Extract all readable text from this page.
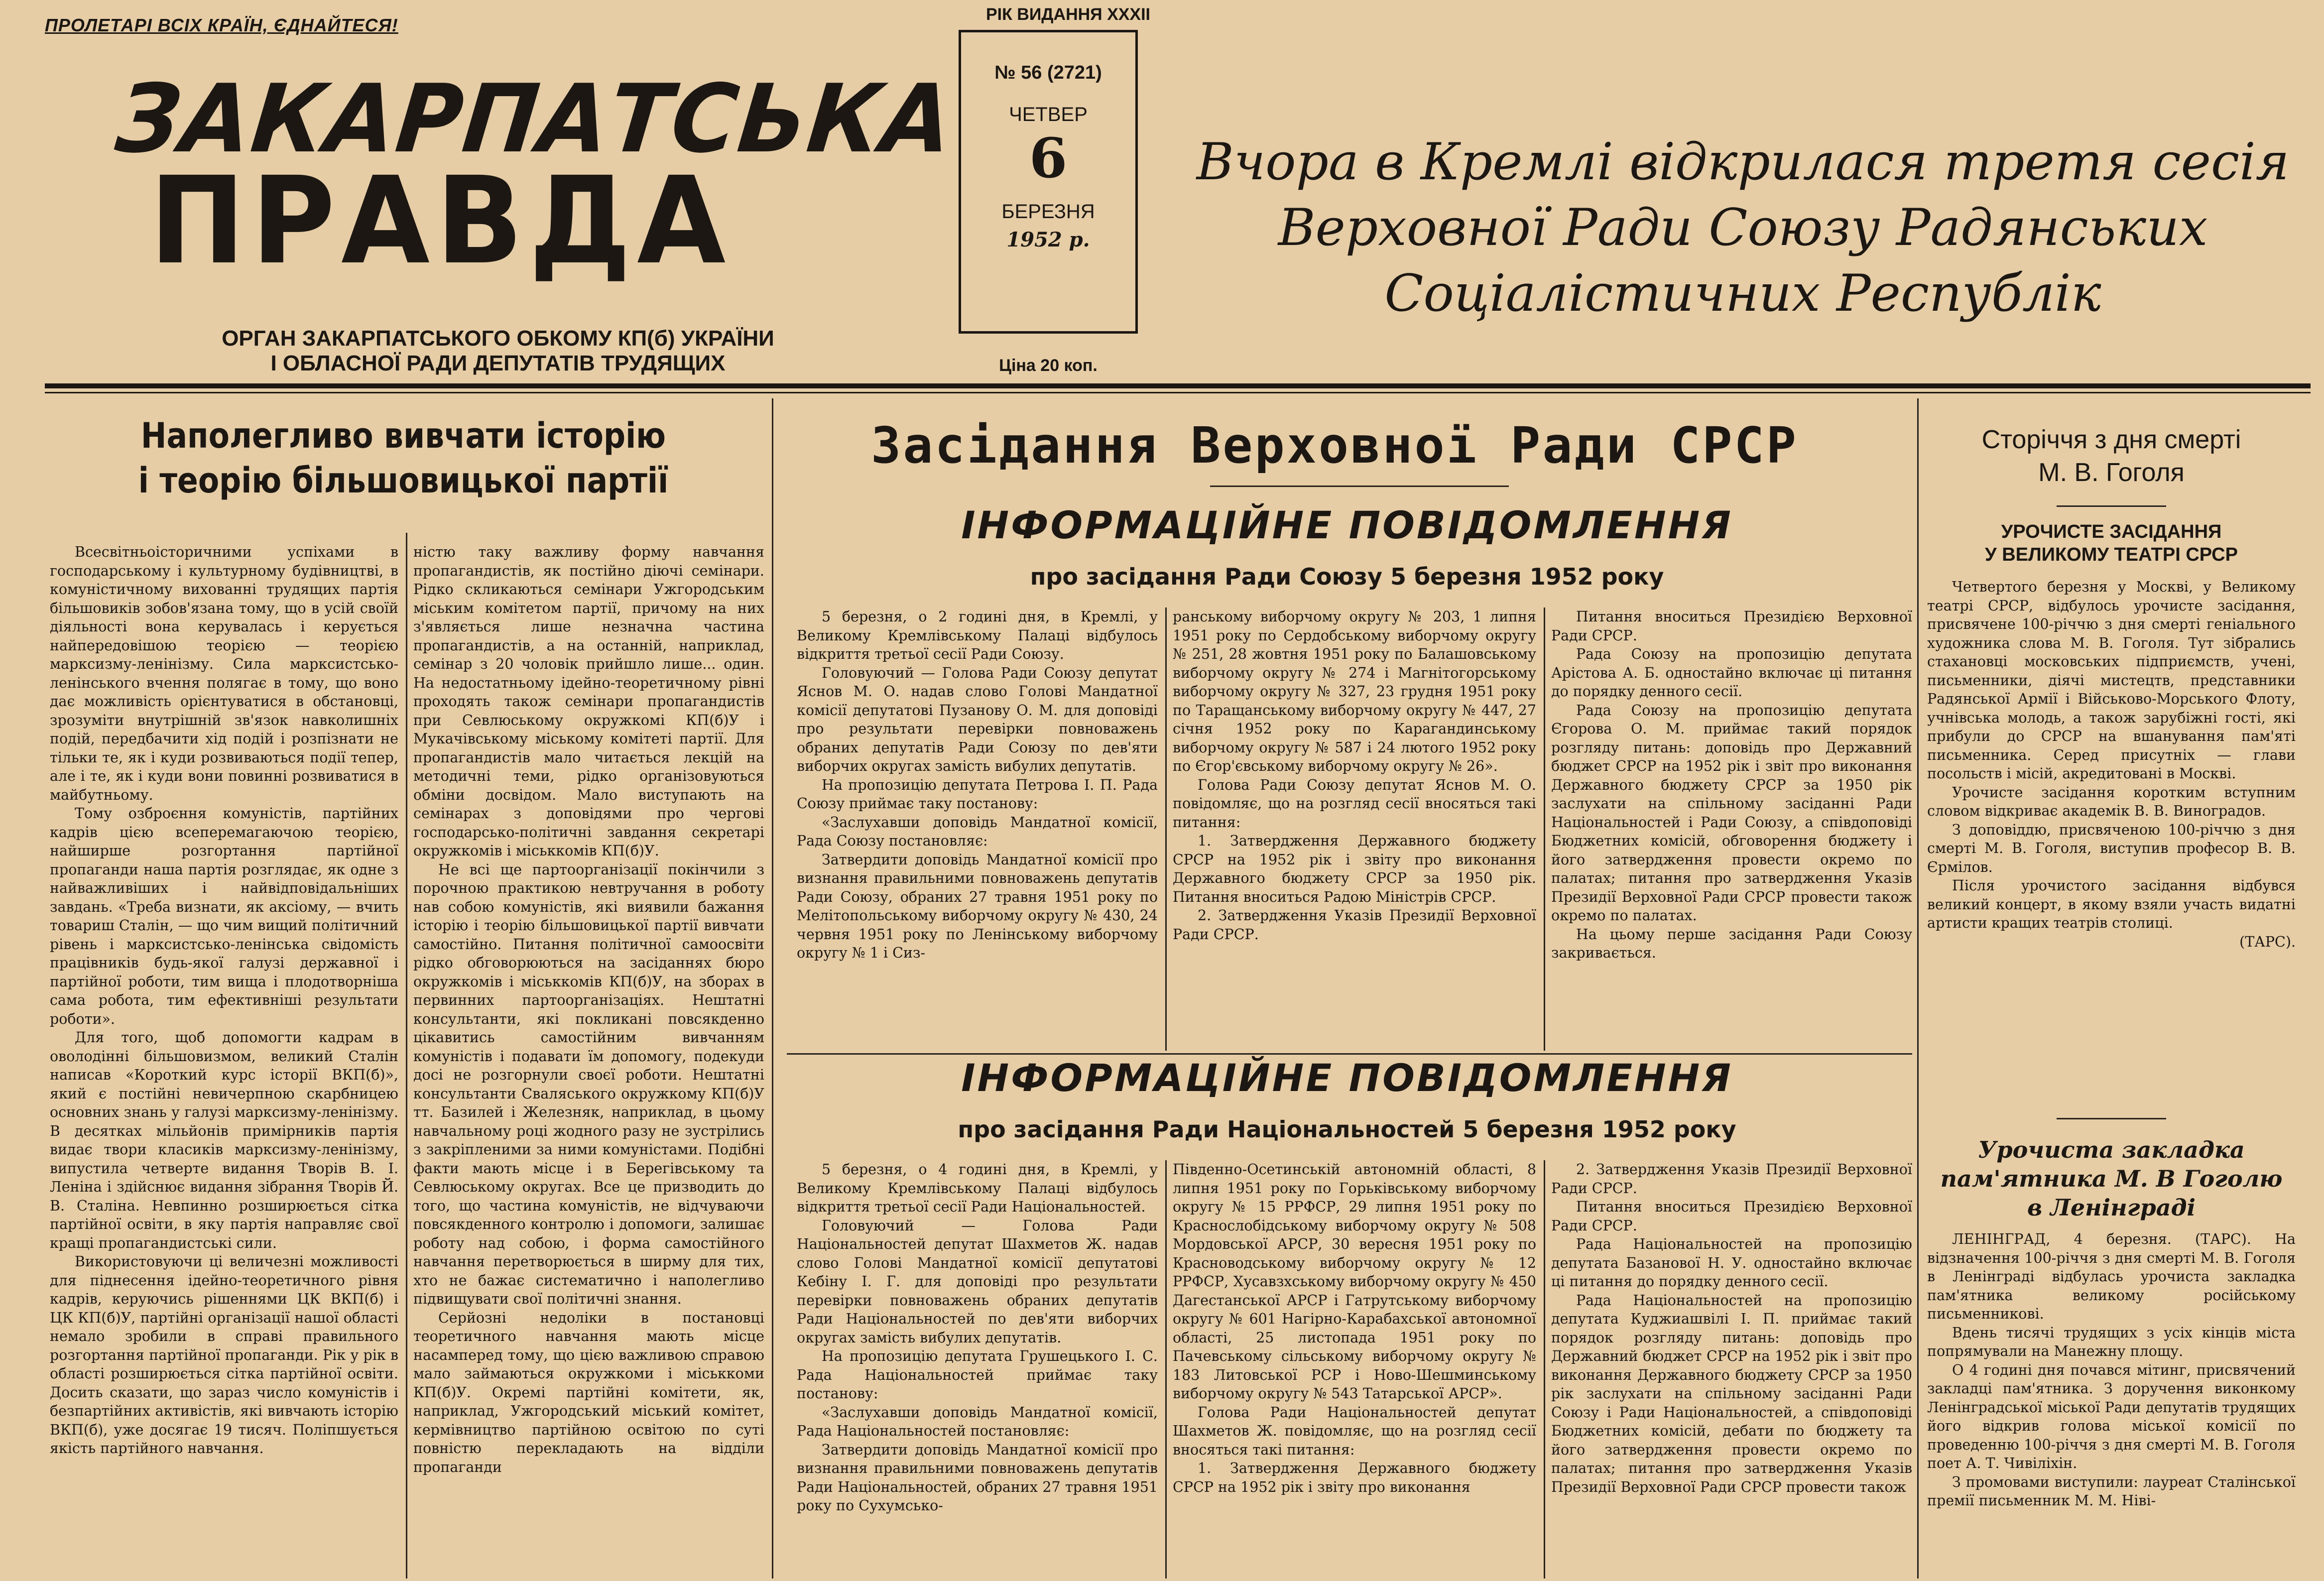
ПРОЛЕТАРІ ВСІХ КРАЇН, ЄДНАЙТЕСЯ!
ЗАКАРПАТСЬКА
ПРАВДА
ОРГАН ЗАКАРПАТСЬКОГО ОБКОМУ КП(б) УКРАЇНИ
І ОБЛАСНОЇ РАДИ ДЕПУТАТІВ ТРУДЯЩИХ
РІК ВИДАННЯ XXXII
№ 56 (2721)
ЧЕТВЕР
6
БЕРЕЗНЯ
1952 р.
Ціна 20 коп.
Вчора в Кремлі відкрилася третя сесія
Верховної Ради Союзу Радянських
Соціалістичних Республік
Наполегливо вивчати історію
і теорію більшовицької партії

Всесвітньоісторичними успіхами в господарському і культурному будівництві, в комуністичному вихованні трудящих партія більшовиків зобов'язана тому, що в усій своїй діяльності вона керувалась і керується найпередовішою теорією — теорією марксизму-ленінізму. Сила марксистсько-ленінського вчення полягає в тому, що воно дає можливість орієнтуватися в обстановці, зрозуміти внутрішній зв'язок навколишніх подій, передбачити хід подій і розпізнати не тільки те, як і куди розвиваються події тепер, але і те, як і куди вони повинні розвиватися в майбутньому.

Тому озброєння комуністів, партійних кадрів цією всеперемагаючою теорією, найширше розгортання партійної пропаганди наша партія розглядає, як одне з найважливіших і найвідповідальніших завдань. «Треба визнати, як аксіому, — вчить товариш Сталін, — що чим вищий політичний рівень і марксистсько-ленінська свідомість працівників будь-якої галузі державної і партійної роботи, тим вища і плодотворніша сама робота, тим ефективніші результати роботи».

Для того, щоб допомогти кадрам в оволодінні більшовизмом, великий Сталін написав «Короткий курс історії ВКП(б)», який є постійні невичерпною скарбницею основних знань у галузі марксизму-ленінізму. В десятках мільйонів примірників партія видає твори класиків марксизму-ленінізму, випустила четверте видання Творів В. І. Леніна і здійснює видання зібрання Творів Й. В. Сталіна. Невпинно розширюється сітка партійної освіти, в яку партія направляє свої кращі пропагандистські сили.

Використовуючи ці величезні можливості для піднесення ідейно-теоретичного рівня кадрів, керуючись рішеннями ЦК ВКП(б) і ЦК КП(б)У, партійні організації нашої області немало зробили в справі правильного розгортання партійної пропаганди. Рік у рік в області розширюється сітка партійної освіти. Досить сказати, що зараз число комуністів і безпартійних активістів, які вивчають історію ВКП(б), уже досягає 19 тисяч. Поліпшується якість партійного навчання.

ністю таку важливу форму навчання пропагандистів, як постійно діючі семінари. Рідко скликаються семінари Ужгородським міським комітетом партії, причому на них з'являється лише незначна частина пропагандистів, а на останній, наприклад, семінар з 20 чоловік прийшло лише... один. На недостатньому ідейно-теоретичному рівні проходять також семінари пропагандистів при Севлюському окружкомі КП(б)У і Мукачівському міському комітеті партії. Для пропагандистів мало читається лекцій на методичні теми, рідко організовуються обміни досвідом. Мало виступають на семінарах з доповідями про чергові господарсько-політичні завдання секретарі окружкомів і міськкомів КП(б)У.

Не всі ще партоорганізації покінчили з порочною практикою невтручання в роботу нав собою комуністів, які виявили бажання історію і теорію більшовицької партії вивчати самостійно. Питання політичної самоосвіти рідко обговорюються на засіданнях бюро окружкомів і міськкомів КП(б)У, на зборах в первинних партоорганізаціях. Нештатні консультанти, які покликані повсякденно цікавитись самостійним вивчанням комуністів і подавати їм допомогу, подекуди досі не розгорнули своєї роботи. Нештатні консультанти Сваляського окружкому КП(б)У тт. Базилей і Железняк, наприклад, в цьому навчальному році жодного разу не зустрілись з закріпленими за ними комуністами. Подібні факти мають місце і в Берегівському та Севлюському округах. Все це призводить до того, що частина комуністів, не відчуваючи повсякденного контролю і допомоги, залишає роботу над собою, і форма самостійного навчання перетворюється в ширму для тих, хто не бажає систематично і наполегливо підвищувати свої політичні знання.

Серйозні недоліки в постановці теоретичного навчання мають місце насамперед тому, що цією важливою справою мало займаються окружкоми і міськкоми КП(б)У. Окремі партійні комітети, як, наприклад, Ужгородський міський комітет, кермівництво партійною освітою по суті повністю перекладають на відділи пропаганди

Засідання Верховної Ради СРСР
ІНФОРМАЦІЙНЕ ПОВІДОМЛЕННЯ
про засідання Ради Союзу 5 березня 1952 року

5 березня, о 2 годині дня, в Кремлі, у Великому Кремлівському Палаці відбулось відкриття третьої сесії Ради Союзу.

Головуючий — Голова Ради Союзу депутат Яснов М. О. надав слово Голові Мандатної комісії депутатові Пузанову О. М. для доповіді про результати перевірки повноважень обраних депутатів Ради Союзу по дев'яти виборчих округах замість вибулих депутатів.

На пропозицію депутата Петрова І. П. Рада Союзу приймає таку постанову:

«Заслухавши доповідь Мандатної комісії, Рада Союзу постановляє:

Затвердити доповідь Мандатної комісії про визнання правильними повноважень депутатів Ради Союзу, обраних 27 травня 1951 року по Мелітопольському виборчому округу № 430, 24 червня 1951 року по Ленінському виборчому округу № 1 і Сиз-

ранському виборчому округу № 203, 1 липня 1951 року по Сердобському виборчому округу № 251, 28 жовтня 1951 року по Балашовському виборчому округу № 274 і Магнітогорському виборчому округу № 327, 23 грудня 1951 року по Таращанському виборчому округу № 447, 27 січня 1952 року по Карагандинському виборчому округу № 587 і 24 лютого 1952 року по Єгор'євському виборчому округу № 26».

Голова Ради Союзу депутат Яснов М. О. повідомляє, що на розгляд сесії вносяться такі питання:

1. Затвердження Державного бюджету СРСР на 1952 рік і звіту про виконання Державного бюджету СРСР за 1950 рік. Питання вноситься Радою Міністрів СРСР.

2. Затвердження Указів Президії Верховної Ради СРСР.

Питання вноситься Президією Верховної Ради СРСР.

Рада Союзу на пропозицію депутата Арістова А. Б. одностайно включає ці питання до порядку денного сесії.

Рада Союзу на пропозицію депутата Єгорова О. М. приймає такий порядок розгляду питань: доповідь про Державний бюджет СРСР на 1952 рік і звіт про виконання Державного бюджету СРСР за 1950 рік заслухати на спільному засіданні Ради Національностей і Ради Союзу, а співдоповіді Бюджетних комісій, обговорення бюджету і його затвердження провести окремо по палатах; питання про затвердження Указів Президії Верховної Ради СРСР провести також окремо по палатах.

На цьому перше засідання Ради Союзу закривається.

ІНФОРМАЦІЙНЕ ПОВІДОМЛЕННЯ
про засідання Ради Національностей 5 березня 1952 року

5 березня, о 4 годині дня, в Кремлі, у Великому Кремлівському Палаці відбулось відкриття третьої сесії Ради Національностей.

Головуючий — Голова Ради Національностей депутат Шахметов Ж. надав слово Голові Мандатної комісії депутатові Кебіну І. Г. для доповіді про результати перевірки повноважень обраних депутатів Ради Національностей по дев'яти виборчих округах замість вибулих депутатів.

На пропозицію депутата Грушецького І. С. Рада Національностей приймає таку постанову:

«Заслухавши доповідь Мандатної комісії, Рада Національностей постановляє:

Затвердити доповідь Мандатної комісії про визнання правильними повноважень депутатів Ради Національностей, обраних 27 травня 1951 року по Сухумсько-

Південно-Осетинській автономній області, 8 липня 1951 року по Горьківському виборчому округу № 15 РРФСР, 29 липня 1951 року по Краснослобідському виборчому округу № 508 Мордовської АРСР, 30 вересня 1951 року по Красноводському виборчому округу № 12 РРФСР, Хусавзхському виборчому округу № 450 Дагестанської АРСР і Гатрутському виборчому округу № 601 Нагірно-Карабахської автономної області, 25 листопада 1951 року по Пачевському сільському виборчому округу № 183 Литовської РСР і Ново-Шешминському виборчому округу № 543 Татарської АРСР».

Голова Ради Національностей депутат Шахметов Ж. повідомляє, що на розгляд сесії вносяться такі питання:

1. Затвердження Державного бюджету СРСР на 1952 рік і звіту про виконання

2. Затвердження Указів Президії Верховної Ради СРСР.

Питання вноситься Президією Верховної Ради СРСР.

Рада Національностей на пропозицію депутата Базанової Н. У. одностайно включає ці питання до порядку денного сесії.

Рада Національностей на пропозицію депутата Куджиашвілі І. П. приймає такий порядок розгляду питань: доповідь про Державний бюджет СРСР на 1952 рік і звіт про виконання Державного бюджету СРСР за 1950 рік заслухати на спільному засіданні Ради Союзу і Ради Національностей, а співдоповіді Бюджетних комісій, дебати по бюджету та його затвердження провести окремо по палатах; питання про затвердження Указів Президії Верховної Ради СРСР провести також

Сторіччя з дня смерті
М. В. Гоголя
УРОЧИСТЕ ЗАСІДАННЯ
У ВЕЛИКОМУ ТЕАТРІ СРСР

Четвертого березня у Москві, у Великому театрі СРСР, відбулось урочисте засідання, присвячене 100-річчю з дня смерті геніального художника слова М. В. Гоголя. Тут зібрались стахановці московських підприємств, учені, письменники, діячі мистецтв, представники Радянської Армії і Військово-Морського Флоту, учнівська молодь, а також зарубіжні гості, які прибули до СРСР на вшанування пам'яті письменника. Серед присутніх — глави посольств і місій, акредитовані в Москві.

Урочисте засідання коротким вступним словом відкриває академік В. В. Виноградов.

З доповіддю, присвяченою 100-річчю з дня смерті М. В. Гоголя, виступив професор В. В. Єрмілов.

Після урочистого засідання відбувся великий концерт, в якому взяли участь видатні артисти кращих театрів столиці.

(ТАРС).

Урочиста закладка
пам'ятника М. В Гоголю
в Ленінграді

ЛЕНІНГРАД, 4 березня. (ТАРС). На відзначення 100-річчя з дня смерті М. В. Гоголя в Ленінграді відбулась урочиста закладка пам'ятника великому російському письменникові.

Вдень тисячі трудящих з усіх кінців міста попрямували на Манежну площу.

О 4 годині дня почався мітинг, присвячений закладці пам'ятника. З доручення виконкому Ленінградської міської Ради депутатів трудящих його відкрив голова міської комісії по проведенню 100-річчя з дня смерті М. В. Гоголя поет А. Т. Чивіліхін.

З промовами виступили: лауреат Сталінської премії письменник М. М. Ніві-
